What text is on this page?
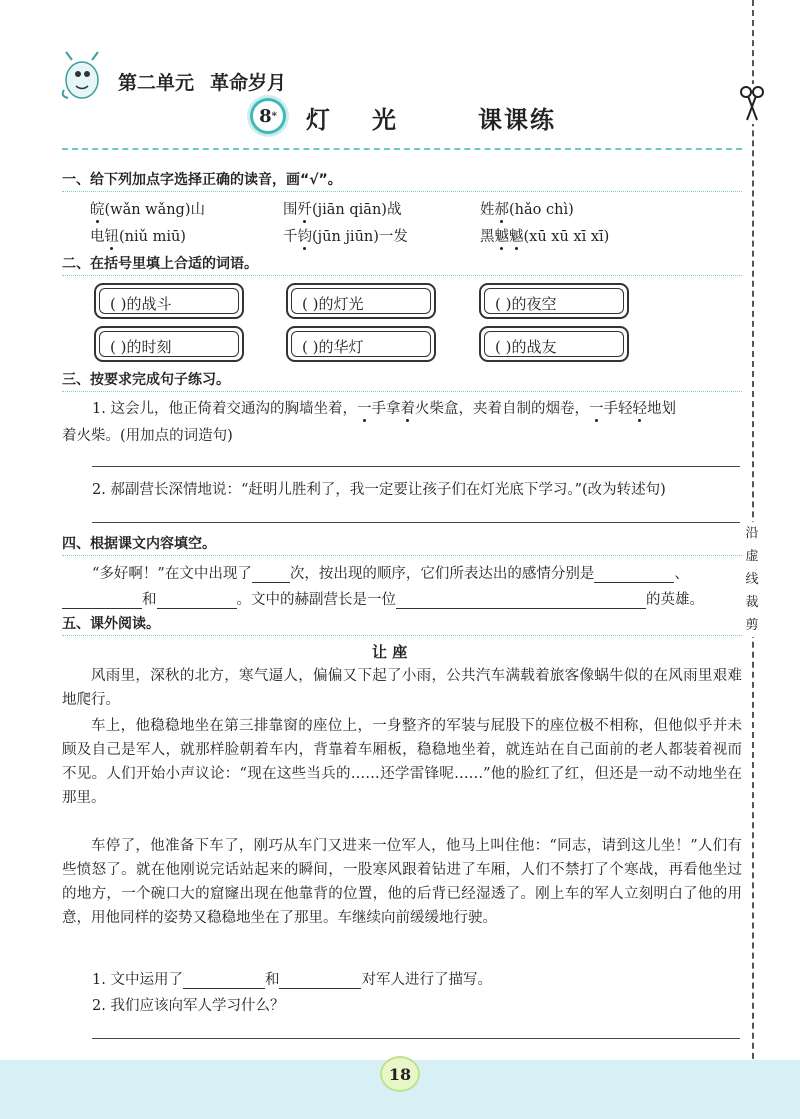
第二单元 革命岁月
8 * 灯 光	课课练
沿虚线裁剪
一、给下列加点字选择正确的读音，画“√”。
皖(wǎn wǎng)山	围歼(jiān qiān)战	姓郝(hǎo chì)
电钮(niǔ miū)	千钧(jūn jiūn)一发	黑魆魆(xū xū xī xī)
二、在括号里填上合适的词语。
( )的战斗	( )的灯光	( )的夜空
( )的时刻	( )的华灯	( )的战友
三、按要求完成句子练习。
1. 这会儿，他正倚着交通沟的胸墙坐着，一手拿着火柴盒，夹着自制的烟卷，一手轻轻地划
着火柴。(用加点的词造句)
2. 郝副营长深情地说：“赶明儿胜利了，我一定要让孩子们在灯光底下学习。”(改为转述句)
四、根据课文内容填空。
“多好啊！”在文中出现了	次，按出现的顺序，它们所表达出的感情分别是	、
和	。文中的赫副营长是一位	的英雄。
五、课外阅读。
让 座
风雨里，深秋的北方，寒气逼人，偏偏又下起了小雨，公共汽车满载着旅客像蜗牛似的在风雨里艰难地爬行。
车上，他稳稳地坐在第三排靠窗的座位上，一身整齐的军装与屁股下的座位极不相称，但他似乎并未顾及自己是军人，就那样脸朝着车内，背靠着车厢板，稳稳地坐着，就连站在自己面前的老人都装着视而不见。人们开始小声议论：“现在这些当兵的……还学雷锋呢……”他的脸红了红，但还是一动不动地坐在那里。
车停了，他准备下车了，刚巧从车门又进来一位军人，他马上叫住他：“同志，请到这儿坐！”人们有些愤怒了。就在他刚说完话站起来的瞬间，一股寒风跟着钻进了车厢，人们不禁打了个寒战，再看他坐过的地方，一个碗口大的窟窿出现在他靠背的位置，他的后背已经湿透了。刚上车的军人立刻明白了他的用意，用他同样的姿势又稳稳地坐在了那里。车继续向前缓缓地行驶。
1. 文中运用了	和	对军人进行了描写。
2. 我们应该向军人学习什么？
18
